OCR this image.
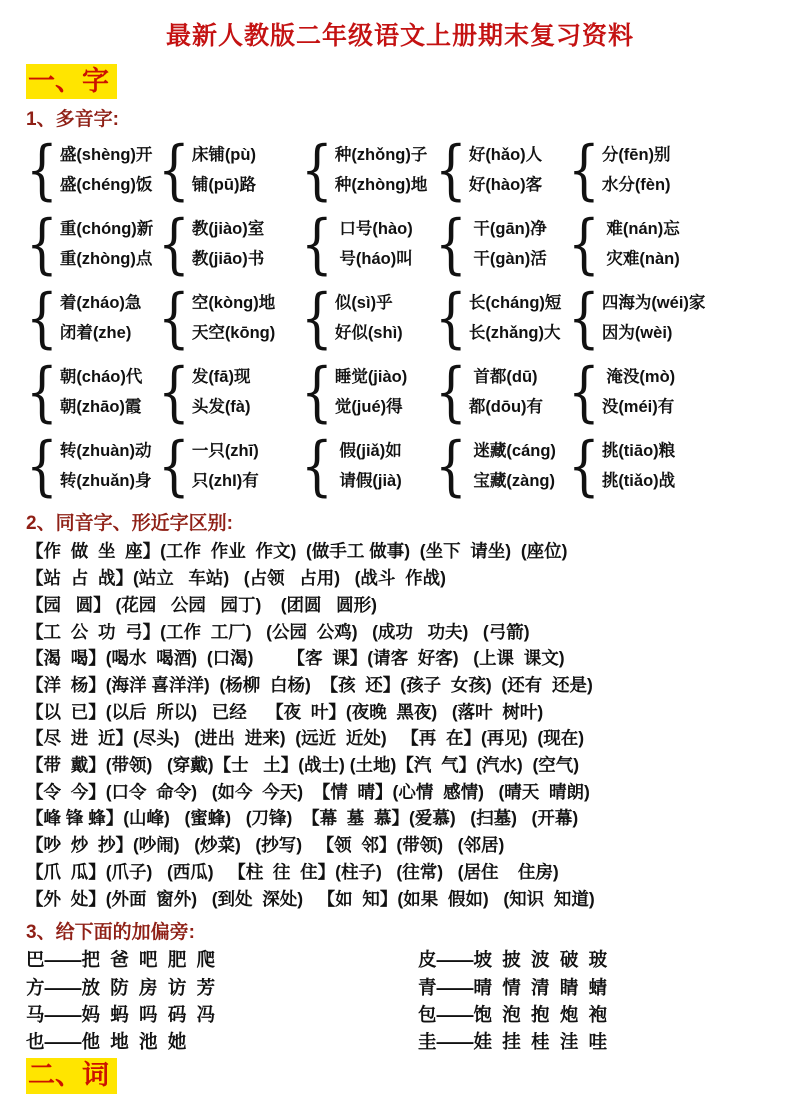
最新人教版二年级语文上册期末复习资料
一、字
1、多音字:
{
盛(shèng)开
盛(chéng)饭
{
床铺(pù)
铺(pū)路
{
种(zhǒng)子
种(zhòng)地
{
好(hǎo)人
好(hào)客
{
分(fēn)别
水分(fèn)
{
重(chóng)新
重(zhòng)点
{
教(jiào)室
教(jiāo)书
{
口号(hào)
号(háo)叫
{
干(gān)净
干(gàn)活
{
难(nán)忘
灾难(nàn)
{
着(zháo)急
闭着(zhe)
{
空(kòng)地
天空(kōng)
{
似(sì)乎
好似(shì)
{
长(cháng)短
长(zhǎng)大
{
四海为(wéi)家
因为(wèi)
{
朝(cháo)代
朝(zhāo)霞
{
发(fā)现
头发(fà)
{
睡觉(jiào)
觉(jué)得
{
首都(dū)
都(dōu)有
{
淹没(mò)
没(méi)有
{
转(zhuàn)动
转(zhuǎn)身
{
一只(zhī)
只(zhI)有
{
假(jiǎ)如
请假(jià)
{
迷藏(cáng)
宝藏(zàng)
{
挑(tiāo)粮
挑(tiǎo)战
2、同音字、形近字区别:
【作  做  坐  座】(工作  作业  作文)  (做手工 做事)  (坐下  请坐)  (座位)
【站  占  战】(站立   车站)   (占领   占用)   (战斗  作战)
【园   圆】 (花园   公园   园丁)    (团圆   圆形)
【工  公  功  弓】(工作  工厂)   (公园  公鸡)   (成功   功夫)   (弓箭)
【渴  喝】(喝水  喝酒)  (口渴)       【客  课】(请客  好客)   (上课  课文)
【洋  杨】(海洋 喜洋洋)  (杨柳  白杨)  【孩  还】(孩子  女孩)  (还有  还是)
【以  已】(以后  所以)   已经    【夜  叶】(夜晚  黑夜)   (落叶  树叶)
【尽  进  近】(尽头)   (进出  进来)  (远近  近处)   【再  在】(再见)  (现在)
【带  戴】(带领)   (穿戴)【士   土】(战士) (土地)【汽  气】(汽水)  (空气)
【令  今】(口令  命令)   (如今  今天)  【情  晴】(心情  感情)   (晴天  晴朗)
【峰 锋 蜂】(山峰)   (蜜蜂)   (刀锋)  【幕  墓  慕】(爱慕)   (扫墓)   (开幕)
【吵  炒  抄】(吵闹)   (炒菜)   (抄写)   【领  邻】(带领)   (邻居)
【爪  瓜】(爪子)   (西瓜)   【柱  往  住】(柱子)   (往常)   (居住    住房)
【外  处】(外面  窗外)   (到处  深处)   【如  知】(如果  假如)   (知识  知道)
3、给下面的加偏旁:
巴——把  爸  吧  肥  爬	皮——坡  披  波  破  玻
方——放  防  房  访  芳	青——晴  情  清  睛  蜻
马——妈  蚂  吗  码  冯	包——饱  泡  抱  炮  袍
也——他  地  池  她	圭——娃  挂  桂  洼  哇
二、词
